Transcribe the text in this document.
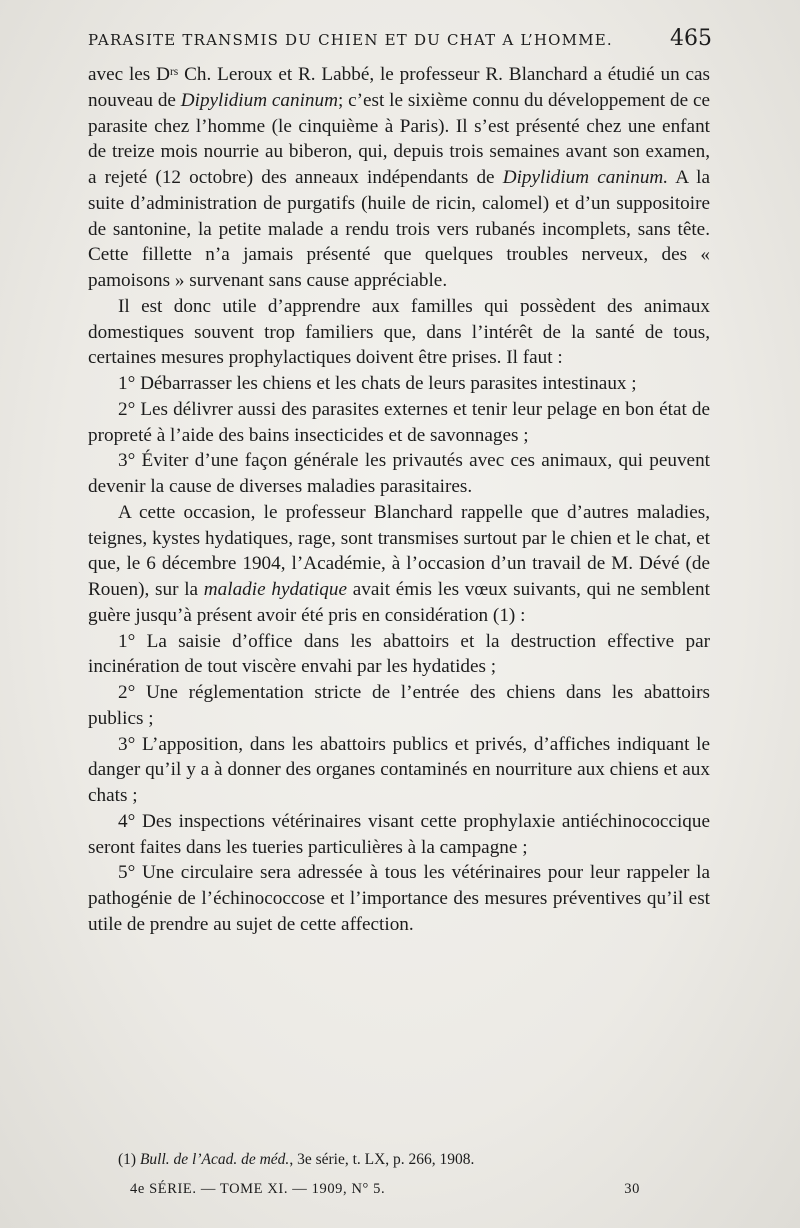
PARASITE TRANSMIS DU CHIEN ET DU CHAT A L’HOMME.	465

avec les $D^{rs}$ Ch. Leroux et R. Labbé, le professeur R. Blanchard a étudié un cas nouveau de Dipylidium caninum; c’est le sixième connu du développement de ce parasite chez l’homme (le cinquième à Paris). Il s’est présenté chez une enfant de treize mois nourrie au biberon, qui, depuis trois semaines avant son examen, a rejeté (12 octobre) des anneaux indépendants de Dipylidium caninum. A la suite d’administration de purgatifs (huile de ricin, calomel) et d’un suppositoire de santonine, la petite malade a rendu trois vers rubanés incomplets, sans tête. Cette fillette n’a jamais présenté que quelques troubles nerveux, des « pamoisons » survenant sans cause appréciable.

Il est donc utile d’apprendre aux familles qui possèdent des animaux domestiques souvent trop familiers que, dans l’intérêt de la santé de tous, certaines mesures prophylactiques doivent être prises. Il faut :

1° Débarrasser les chiens et les chats de leurs parasites intestinaux ;

2° Les délivrer aussi des parasites externes et tenir leur pelage en bon état de propreté à l’aide des bains insecticides et de savonnages ;

3° Éviter d’une façon générale les privautés avec ces animaux, qui peuvent devenir la cause de diverses maladies parasitaires.

A cette occasion, le professeur Blanchard rappelle que d’autres maladies, teignes, kystes hydatiques, rage, sont transmises surtout par le chien et le chat, et que, le 6 décembre 1904, l’Académie, à l’occasion d’un travail de M. Dévé (de Rouen), sur la maladie hydatique avait émis les vœux suivants, qui ne semblent guère jusqu’à présent avoir été pris en considération (1) :

1° La saisie d’office dans les abattoirs et la destruction effective par incinération de tout viscère envahi par les hydatides ;

2° Une réglementation stricte de l’entrée des chiens dans les abattoirs publics ;

3° L’apposition, dans les abattoirs publics et privés, d’affiches indiquant le danger qu’il y a à donner des organes contaminés en nourriture aux chiens et aux chats ;

4° Des inspections vétérinaires visant cette prophylaxie antiéchinococcique seront faites dans les tueries particulières à la campagne ;

5° Une circulaire sera adressée à tous les vétérinaires pour leur rappeler la pathogénie de l’échinococcose et l’importance des mesures préventives qu’il est utile de prendre au sujet de cette affection.

(1) Bull. de l’Acad. de méd., 3e série, t. LX, p. 266, 1908.
4e SÉRIE. — TOME XI. — 1909, N° 5.	30
